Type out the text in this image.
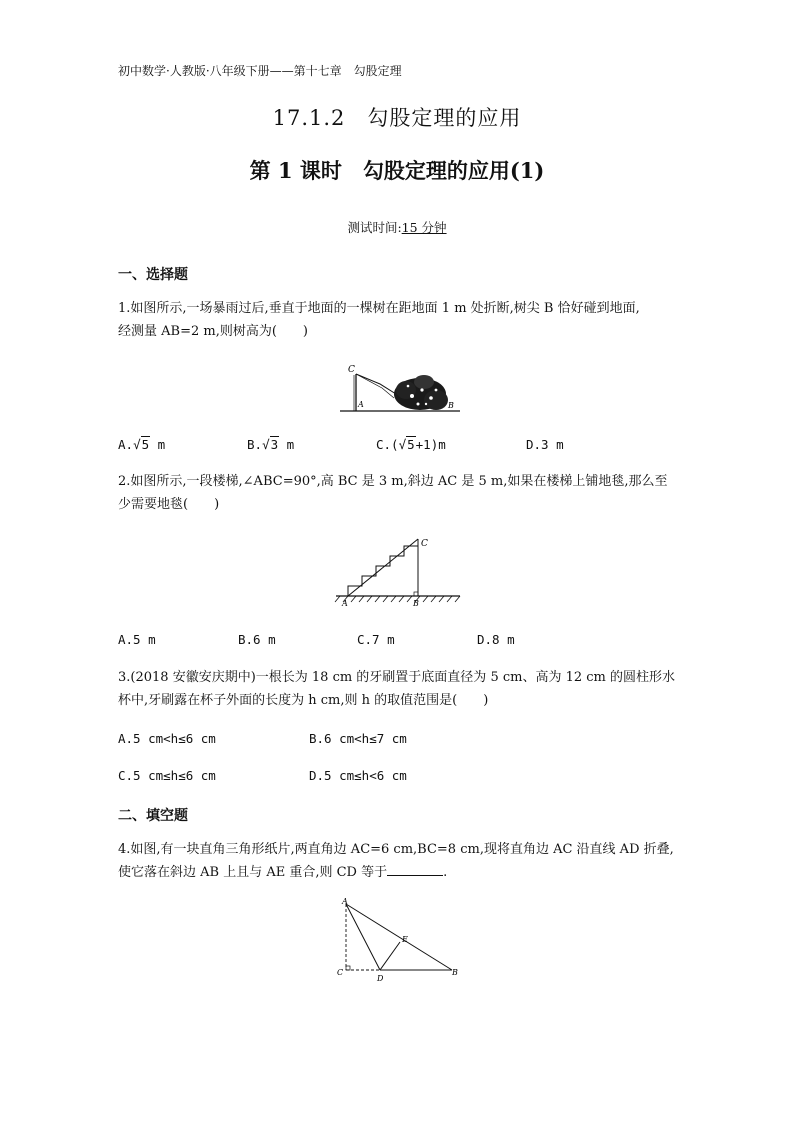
初中数学·人教版·八年级下册——第十七章　勾股定理
17.1.2　勾股定理的应用
第 1 课时　勾股定理的应用(1)
测试时间:15 分钟
一、选择题
1.如图所示,一场暴雨过后,垂直于地面的一棵树在距地面 1 m 处折断,树尖 B 恰好碰到地面,
经测量 AB=2 m,则树高为(　　)
C
A	B
A.√5 m	B.√3 m	C.(√5+1)m	D.3 m
2.如图所示,一段楼梯,∠ABC=90°,高 BC 是 3 m,斜边 AC 是 5 m,如果在楼梯上铺地毯,那么至
少需要地毯(　　)
C
A	B
A.5 m	B.6 m	C.7 m	D.8 m
3.(2018 安徽安庆期中)一根长为 18 cm 的牙刷置于底面直径为 5 cm、高为 12 cm 的圆柱形水
杯中,牙刷露在杯子外面的长度为 h cm,则 h 的取值范围是(　　)
A.5 cm<h≤6 cm	B.6 cm<h≤7 cm
C.5 cm≤h≤6 cm	D.5 cm≤h<6 cm
二、填空题
4.如图,有一块直角三角形纸片,两直角边 AC=6 cm,BC=8 cm,现将直角边 AC 沿直线 AD 折叠,
使它落在斜边 AB 上且与 AE 重合,则 CD 等于	.
A
E
C
D
B
